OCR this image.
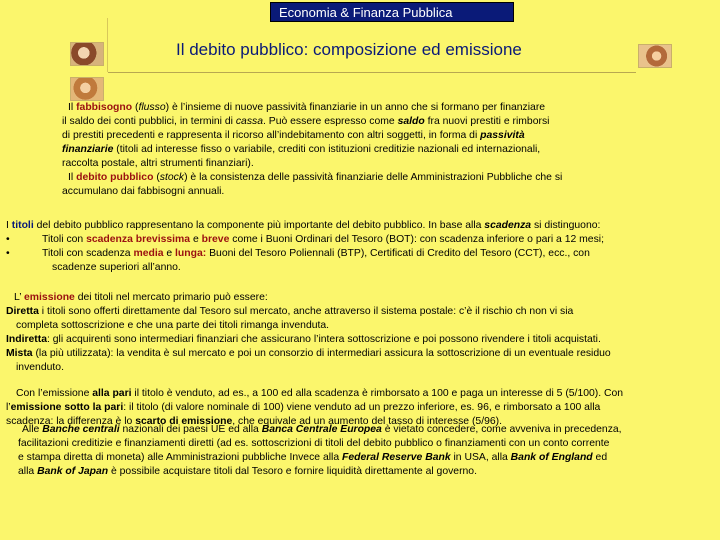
Economia & Finanza Pubblica
Il debito pubblico: composizione ed emissione
Il fabbisogno (flusso) è l’insieme di nuove passività finanziarie in un anno che si formano per finanziare
il saldo dei conti pubblici, in termini di cassa. Può essere espresso come saldo fra nuovi prestiti e rimborsi
di prestiti precedenti e rappresenta il ricorso all’indebitamento con altri soggetti, in forma di passività
finanziarie (titoli ad interesse fisso o variabile, crediti con istituzioni creditizie nazionali ed internazionali,
raccolta postale, altri strumenti finanziari).
Il debito pubblico (stock) è la consistenza delle passività finanziarie delle Amministrazioni Pubbliche che si
accumulano dai fabbisogni annuali.
I titoli del debito pubblico rappresentano la componente più importante del debito pubblico. In base alla scadenza si distinguono:
•	Titoli con scadenza brevissima e breve come i Buoni Ordinari del Tesoro (BOT): con scadenza inferiore o pari a 12 mesi;
•	Titoli con scadenza media e lunga: Buoni del Tesoro Poliennali (BTP), Certificati di Credito del Tesoro (CCT), ecc., con
scadenze superiori all’anno.
L’ emissione dei titoli nel mercato primario può essere:
Diretta i titoli sono offerti direttamente dal Tesoro sul mercato, anche attraverso il sistema postale: c’è il rischio ch non vi sia
completa sottoscrizione e che una parte dei titoli rimanga invenduta.
Indiretta: gli acquirenti sono intermediari finanziari che assicurano l’intera sottoscrizione e poi possono rivendere i titoli acquistati.
Mista (la più utilizzata): la vendita è sul mercato e poi un consorzio di intermediari assicura la sottoscrizione di un eventuale residuo
invenduto.
Con l’emissione alla pari il titolo è venduto, ad es., a 100 ed alla scadenza è rimborsato a 100 e paga un interesse di 5 (5/100). Con
l’emissione sotto la pari: il titolo (di valore nominale di 100) viene venduto ad un prezzo inferiore, es. 96, e rimborsato a 100 alla
scadenza: la differenza è lo scarto di emissione, che equivale ad un aumento del tasso di interesse (5/96).
Alle Banche centrali nazionali dei paesi UE ed alla Banca Centrale Europea è vietato concedere, come avveniva in precedenza,
facilitazioni creditizie e finanziamenti diretti (ad es. sottoscrizioni di titoli del debito pubblico o finanziamenti con un conto corrente
e stampa diretta di moneta) alle Amministrazioni pubbliche Invece alla Federal Reserve Bank in USA, alla Bank of England ed
alla Bank of Japan è possibile acquistare titoli dal Tesoro e fornire liquidità direttamente al governo.
